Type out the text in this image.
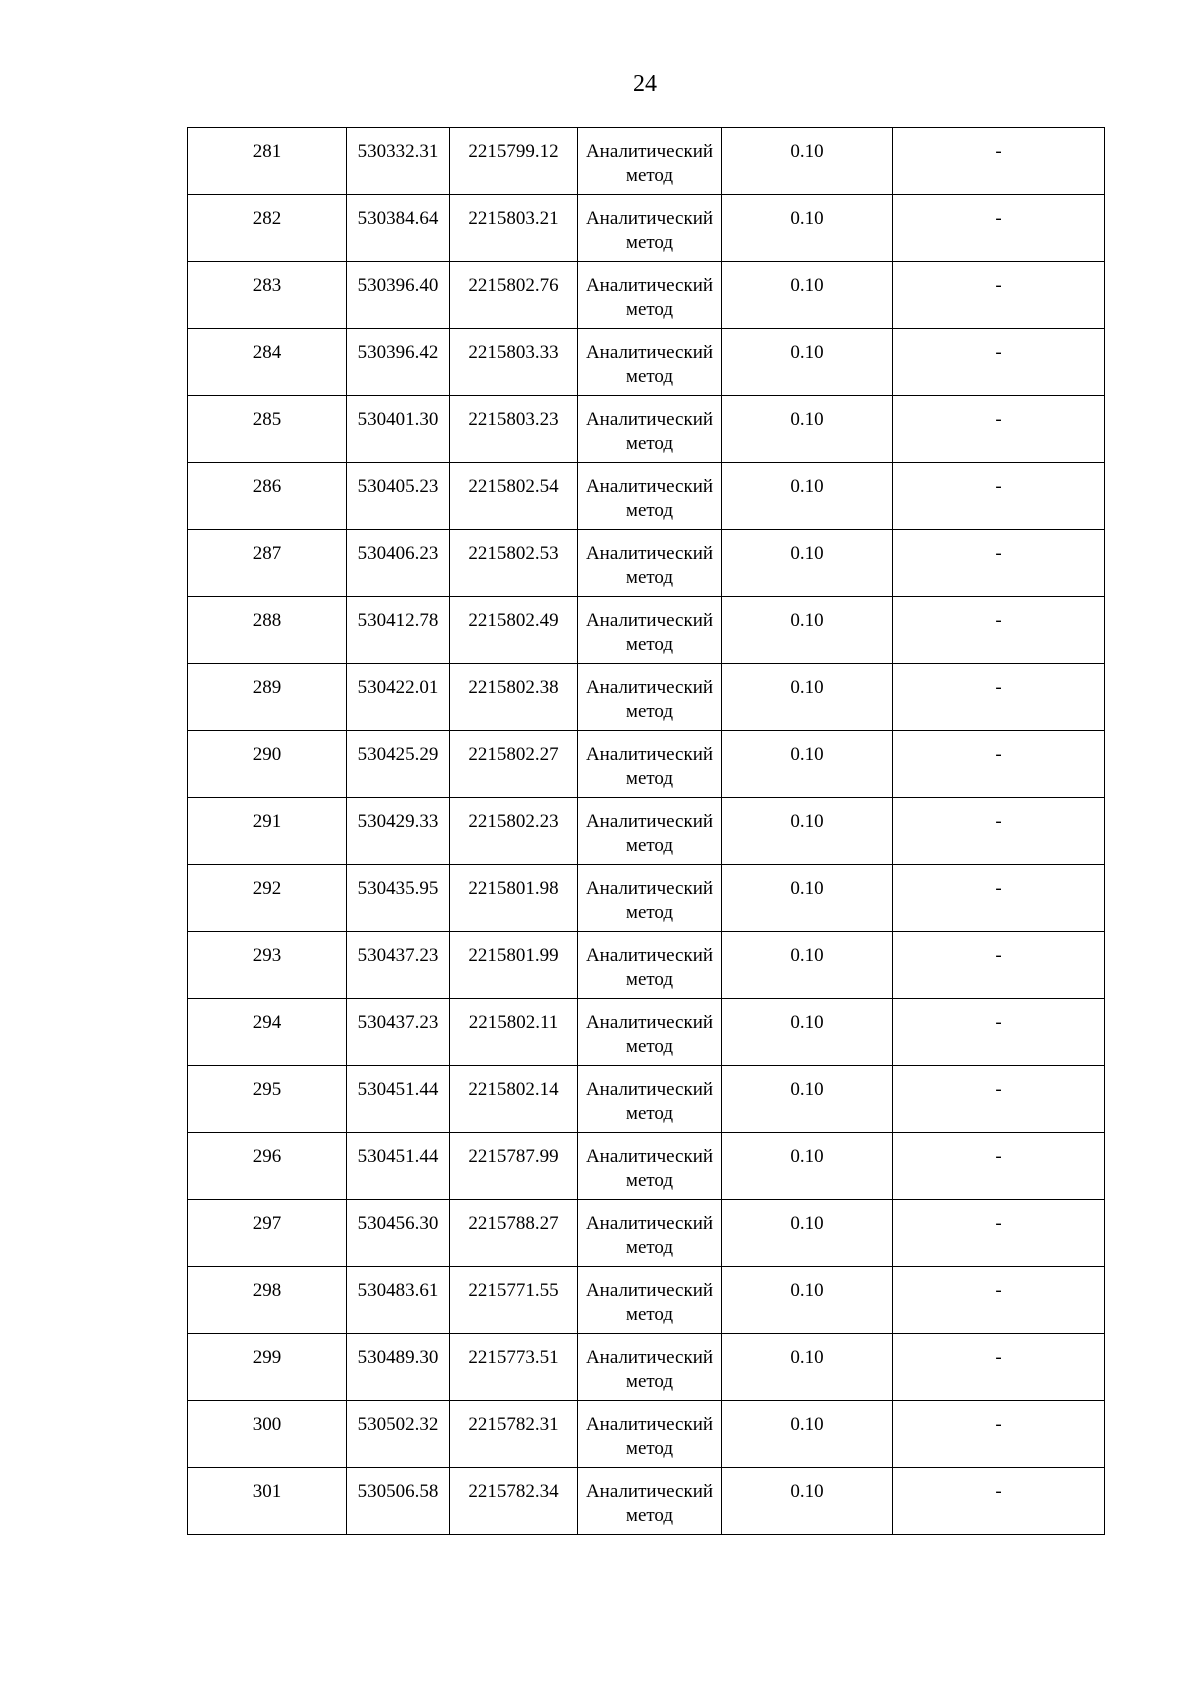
24
281	530332.31	2215799.12	Аналитический
метод	0.10	-
282	530384.64	2215803.21	Аналитический
метод	0.10	-
283	530396.40	2215802.76	Аналитический
метод	0.10	-
284	530396.42	2215803.33	Аналитический
метод	0.10	-
285	530401.30	2215803.23	Аналитический
метод	0.10	-
286	530405.23	2215802.54	Аналитический
метод	0.10	-
287	530406.23	2215802.53	Аналитический
метод	0.10	-
288	530412.78	2215802.49	Аналитический
метод	0.10	-
289	530422.01	2215802.38	Аналитический
метод	0.10	-
290	530425.29	2215802.27	Аналитический
метод	0.10	-
291	530429.33	2215802.23	Аналитический
метод	0.10	-
292	530435.95	2215801.98	Аналитический
метод	0.10	-
293	530437.23	2215801.99	Аналитический
метод	0.10	-
294	530437.23	2215802.11	Аналитический
метод	0.10	-
295	530451.44	2215802.14	Аналитический
метод	0.10	-
296	530451.44	2215787.99	Аналитический
метод	0.10	-
297	530456.30	2215788.27	Аналитический
метод	0.10	-
298	530483.61	2215771.55	Аналитический
метод	0.10	-
299	530489.30	2215773.51	Аналитический
метод	0.10	-
300	530502.32	2215782.31	Аналитический
метод	0.10	-
301	530506.58	2215782.34	Аналитический
метод	0.10	-
